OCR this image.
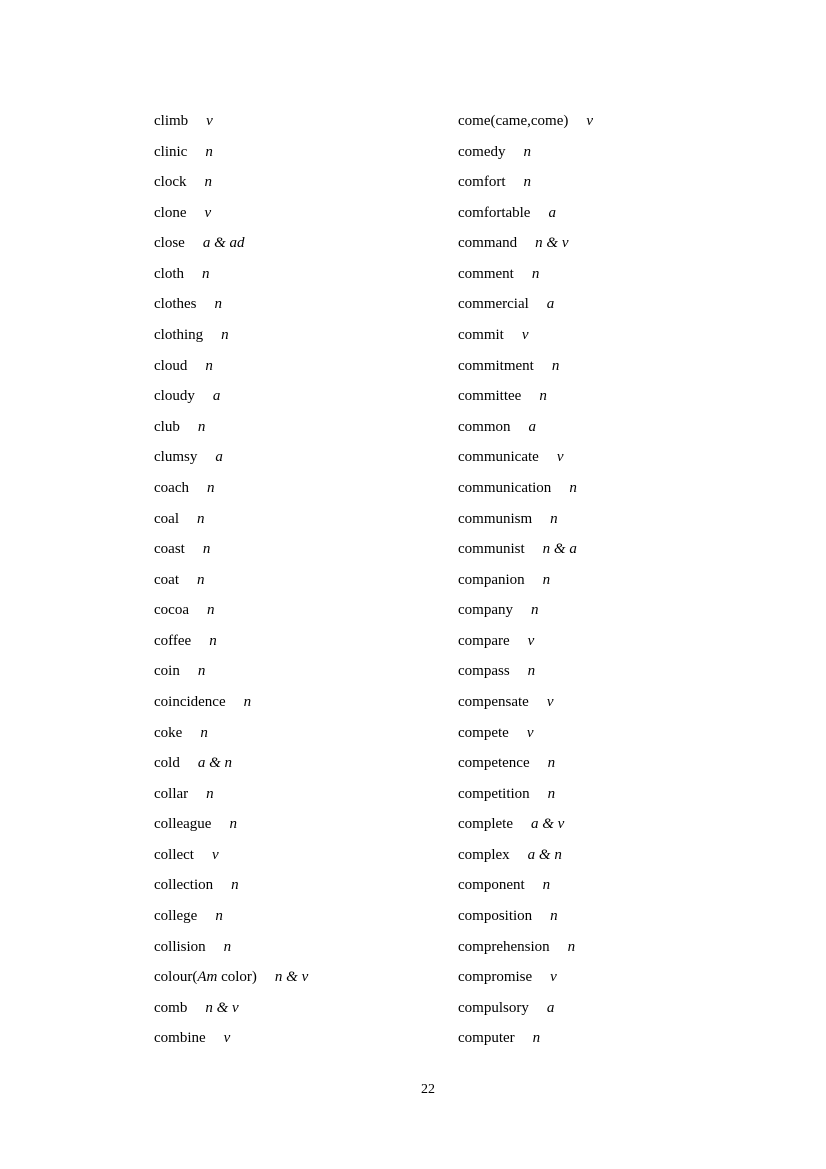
climb v
clinic n
clock n
clone v
close a & ad
cloth n
clothes n
clothing n
cloud n
cloudy a
club n
clumsy a
coach n
coal n
coast n
coat n
cocoa n
coffee n
coin n
coincidence n
coke n
cold a & n
collar n
colleague n
collect v
collection n
college n
collision n
colour(Am color) n & v
comb n & v
combine v
come(came,come) v
comedy n
comfort n
comfortable a
command n & v
comment n
commercial a
commit v
commitment n
committee n
common a
communicate v
communication n
communism n
communist n & a
companion n
company n
compare v
compass n
compensate v
compete v
competence n
competition n
complete a & v
complex a & n
component n
composition n
comprehension n
compromise v
compulsory a
computer n
22
